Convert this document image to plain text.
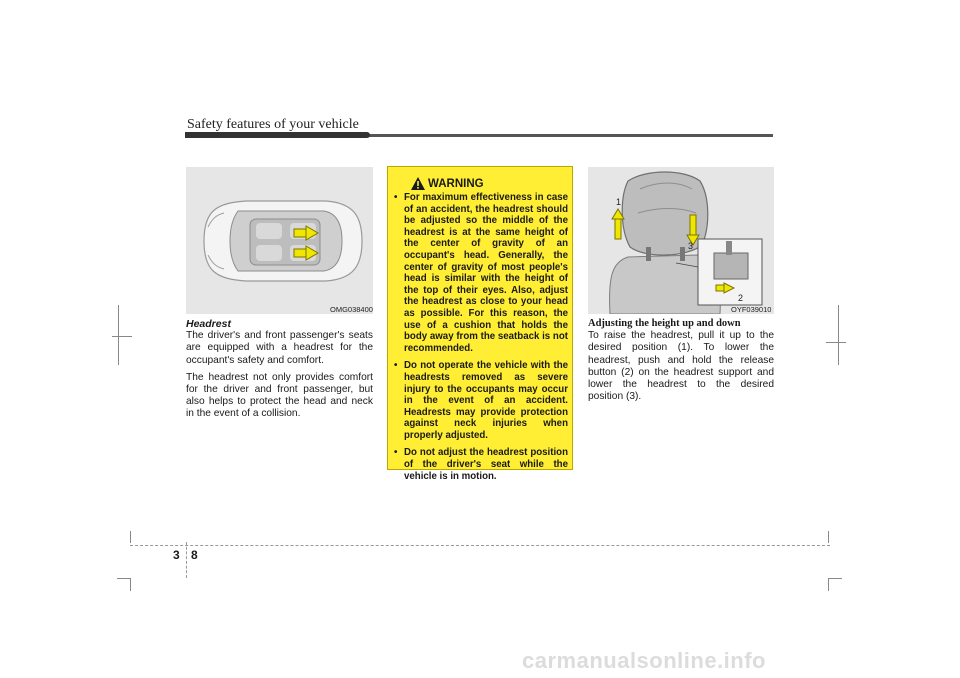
Safety features of your vehicle
OMG038400
Headrest

The driver's and front passenger's seats are equipped with a headrest for the occupant's safety and comfort.

The headrest not only provides comfort for the driver and front passenger, but also helps to protect the head and neck in the event of a collision.

WARNING
• For maximum effectiveness in case of an accident, the headrest should be adjusted so the middle of the headrest is at the same height of the center of gravity of an occupant's head. Generally, the center of gravity of most people's head is similar with the height of the top of their eyes. Also, adjust the headrest as close to your head as possible. For this reason, the use of a cushion that holds the body away from the seatback is not recommended.
• Do not operate the vehicle with the headrests removed as severe injury to the occupants may occur in the event of an accident. Headrests may provide protection against neck injuries when properly adjusted.
• Do not adjust the headrest position of the driver's seat while the vehicle is in motion.
1
3
2
OYF039010
Adjusting the height up and down

To raise the headrest, pull it up to the desired position (1). To lower the headrest, push and hold the release button (2) on the headrest support and lower the headrest to the desired position (3).

3 8
carmanualsonline.info
